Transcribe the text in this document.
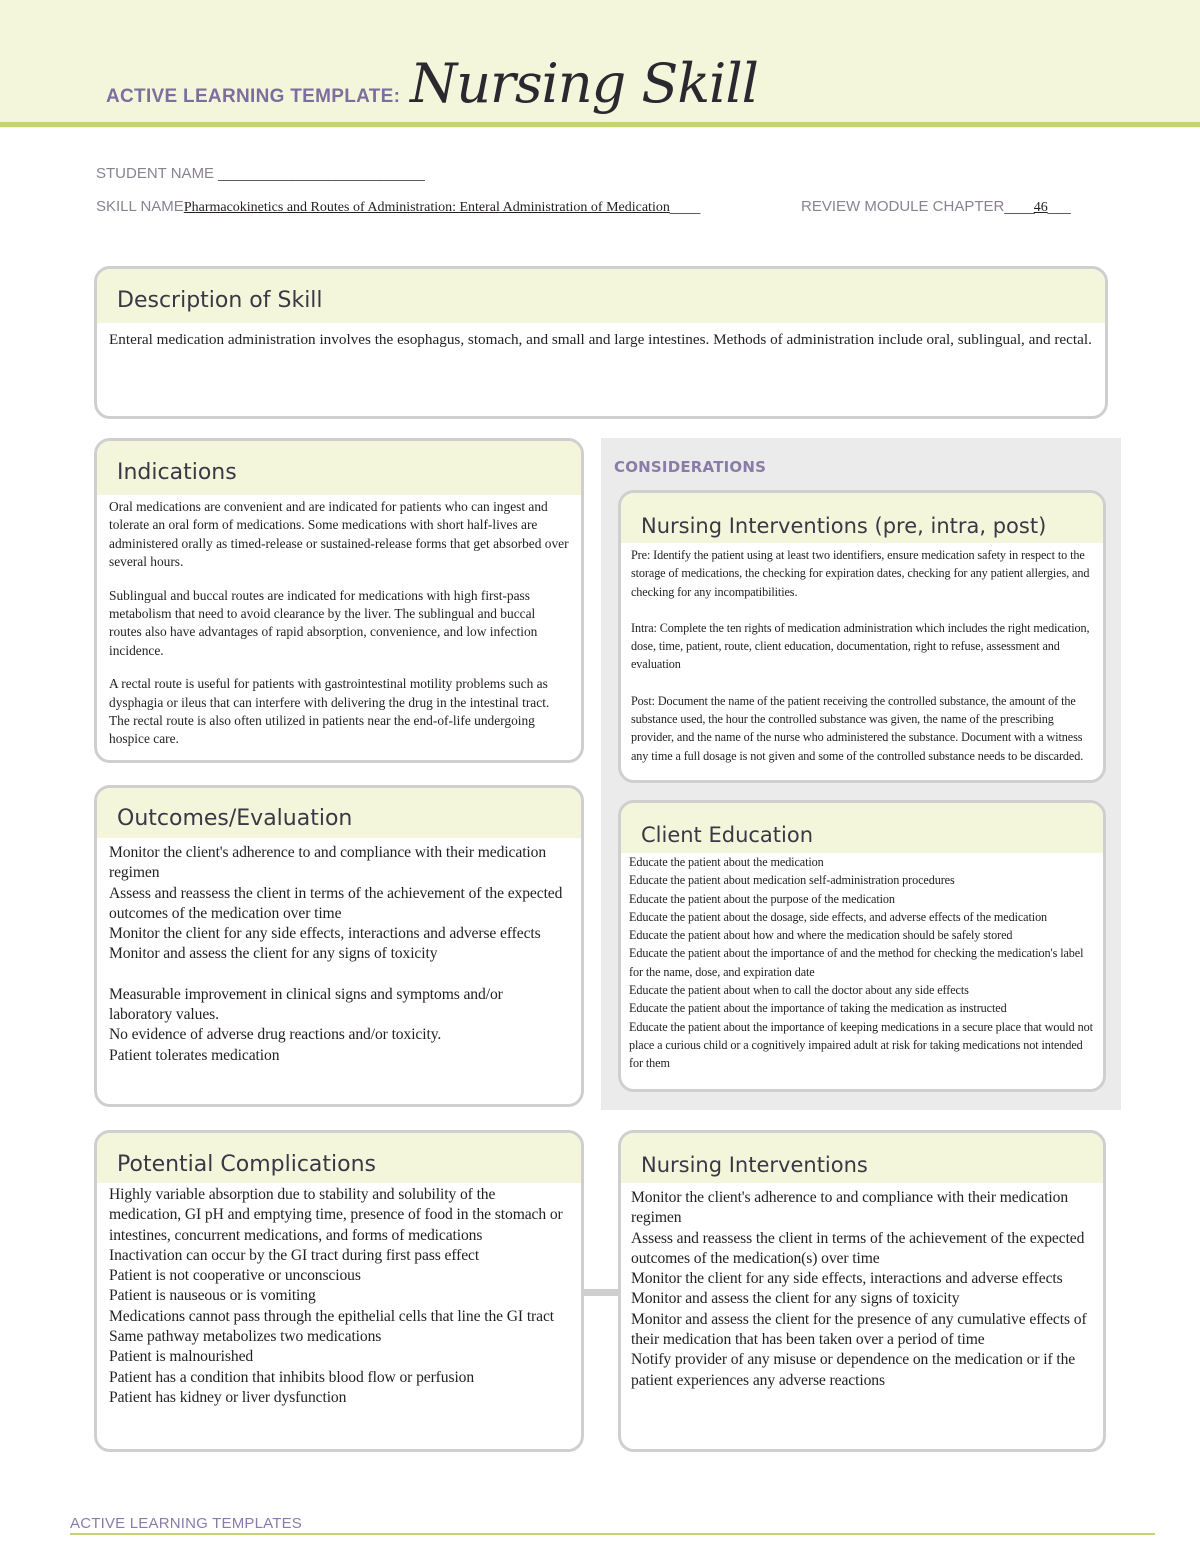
ACTIVE LEARNING TEMPLATE: Nursing Skill
STUDENT NAME ____________________________
SKILL NAMEPharmacokinetics and Routes of Administration: Enteral Administration of Medication____	REVIEW MODULE CHAPTER____46___
Description of Skill
Enteral medication administration involves the esophagus, stomach, and small and large intestines. Methods of administration include oral, sublingual, and rectal.
CONSIDERATIONS
Indications
Oral medications are convenient and are indicated for patients who can ingest and tolerate an oral form of medications. Some medications with short half-lives are administered orally as timed-release or sustained-release forms that get absorbed over several hours.
Sublingual and buccal routes are indicated for medications with high first-pass metabolism that need to avoid clearance by the liver. The sublingual and buccal routes also have advantages of rapid absorption, convenience, and low infection incidence.
A rectal route is useful for patients with gastrointestinal motility problems such as dysphagia or ileus that can interfere with delivering the drug in the intestinal tract. The rectal route is also often utilized in patients near the end-of-life undergoing hospice care.
Outcomes/Evaluation
Monitor the client's adherence to and compliance with their medication regimen
Assess and reassess the client in terms of the achievement of the expected outcomes of the medication over time
Monitor the client for any side effects, interactions and adverse effects
Monitor and assess the client for any signs of toxicity
Measurable improvement in clinical signs and symptoms and/or laboratory values.
No evidence of adverse drug reactions and/or toxicity.
Patient tolerates medication
Nursing Interventions (pre, intra, post)
Pre: Identify the patient using at least two identifiers, ensure medication safety in respect to the storage of medications, the checking for expiration dates, checking for any patient allergies, and checking for any incompatibilities.
Intra: Complete the ten rights of medication administration which includes the right medication, dose, time, patient, route, client education, documentation, right to refuse, assessment and evaluation
Post: Document the name of the patient receiving the controlled substance, the amount of the substance used, the hour the controlled substance was given, the name of the prescribing provider, and the name of the nurse who administered the substance. Document with a witness any time a full dosage is not given and some of the controlled substance needs to be discarded.
Client Education
Educate the patient about the medication
Educate the patient about medication self-administration procedures
Educate the patient about the purpose of the medication
Educate the patient about the dosage, side effects, and adverse effects of the medication
Educate the patient about how and where the medication should be safely stored
Educate the patient about the importance of and the method for checking the medication's label for the name, dose, and expiration date
Educate the patient about when to call the doctor about any side effects
Educate the patient about the importance of taking the medication as instructed
Educate the patient about the importance of keeping medications in a secure place that would not place a curious child or a cognitively impaired adult at risk for taking medications not intended for them
Potential Complications
Highly variable absorption due to stability and solubility of the medication, GI pH and emptying time, presence of food in the stomach or intestines, concurrent medications, and forms of medications
Inactivation can occur by the GI tract during first pass effect
Patient is not cooperative or unconscious
Patient is nauseous or is vomiting
Medications cannot pass through the epithelial cells that line the GI tract
Same pathway metabolizes two medications
Patient is malnourished
Patient has a condition that inhibits blood flow or perfusion
Patient has kidney or liver dysfunction
Nursing Interventions
Monitor the client's adherence to and compliance with their medication regimen
Assess and reassess the client in terms of the achievement of the expected outcomes of the medication(s) over time
Monitor the client for any side effects, interactions and adverse effects
Monitor and assess the client for any signs of toxicity
Monitor and assess the client for the presence of any cumulative effects of their medication that has been taken over a period of time
Notify provider of any misuse or dependence on the medication or if the patient experiences any adverse reactions
ACTIVE LEARNING TEMPLATES
